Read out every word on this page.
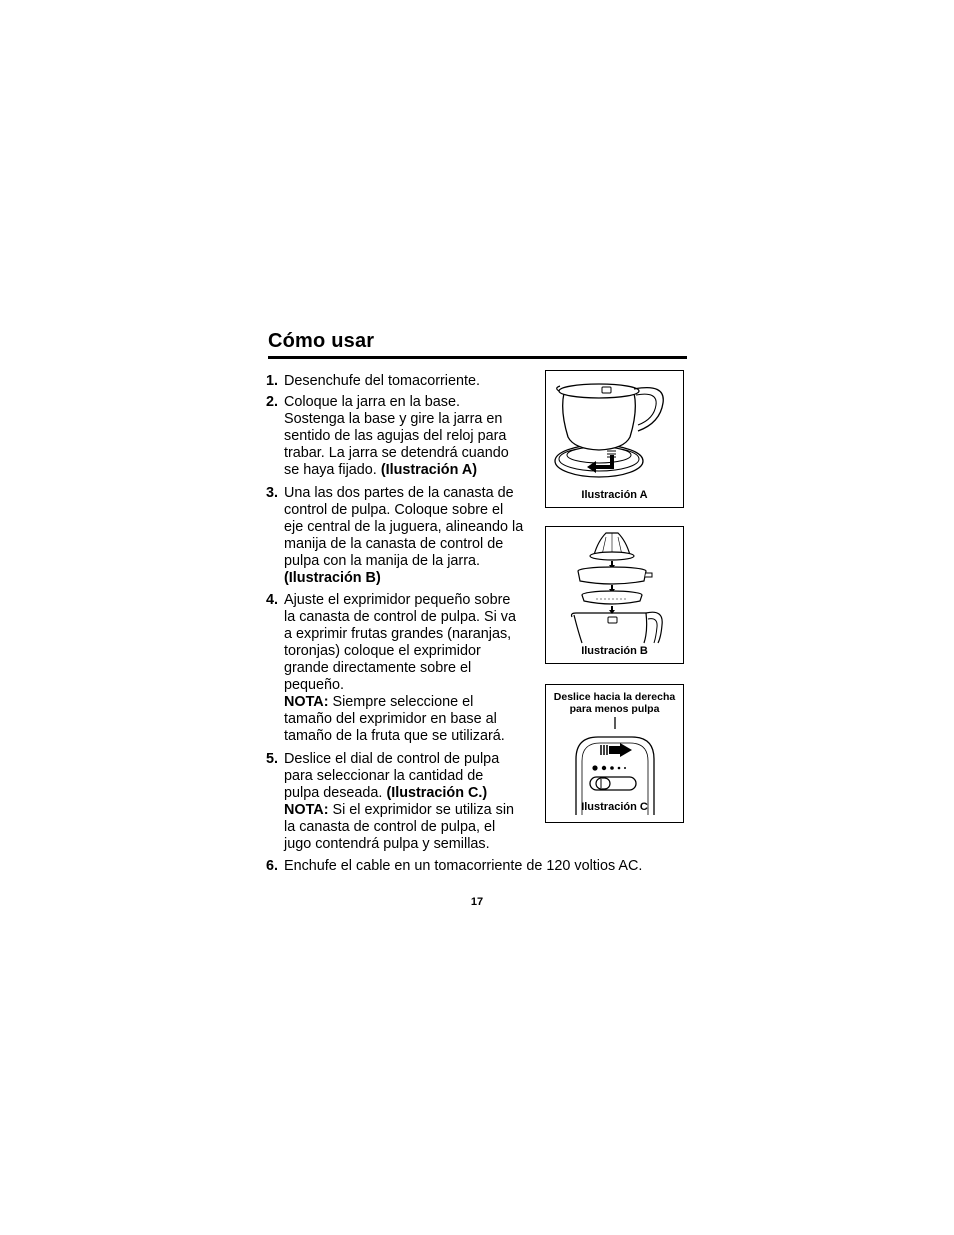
Cómo usar
1. Desenchufe del tomacorriente.
2. Coloque la jarra en la base.
Sostenga la base y gire la jarra en
sentido de las agujas del reloj para
trabar. La jarra se detendrá cuando
se haya fijado. (Ilustración A)
3. Una las dos partes de la canasta de
control de pulpa. Coloque sobre el
eje central de la juguera, alineando la
manija de la canasta de control de
pulpa con la manija de la jarra.
(Ilustración B)
4. Ajuste el exprimidor pequeño sobre
la canasta de control de pulpa. Si va
a exprimir frutas grandes (naranjas,
toronjas) coloque el exprimidor
grande directamente sobre el
pequeño.
NOTA: Siempre seleccione el
tamaño del exprimidor en base al
tamaño de la fruta que se utilizará.
5. Deslice el dial de control de pulpa
para seleccionar la cantidad de
pulpa deseada. (Ilustración C.)
NOTA: Si el exprimidor se utiliza sin
la canasta de control de pulpa, el
jugo contendrá pulpa y semillas.
6. Enchufe el cable en un tomacorriente de 120 voltios AC.
Ilustración A
Ilustración B
Deslice hacia la derecha
para menos pulpa
Ilustración C
17
